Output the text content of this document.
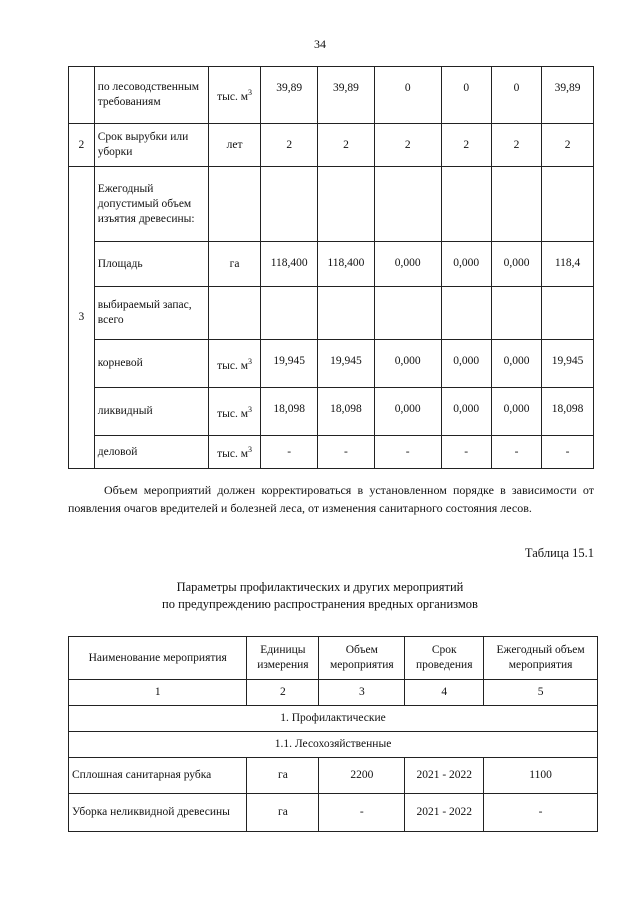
34
	по лесоводственным требованиям	тыс. $м^3$	39,89	39,89	0	0	0	39,89
2	Срок вырубки или уборки	лет	2	2	2	2	2	2
3	Ежегодный допустимый объем изъятия древесины:							
	Площадь	га	118,400	118,400	0,000	0,000	0,000	118,4
	выбираемый запас, всего							
	корневой	тыс. $м^3$	19,945	19,945	0,000	0,000	0,000	19,945
	ликвидный	тыс. $м^3$	18,098	18,098	0,000	0,000	0,000	18,098
	деловой	тыс. $м^3$	-	-	-	-	-	-
Объем мероприятий должен корректироваться в установленном порядке в зависимости от появления очагов вредителей и болезней леса, от изменения санитарного состояния лесов.
Таблица 15.1
Параметры профилактических и других мероприятий
по предупреждению распространения вредных организмов
Наименование мероприятия	Единицы измерения	Объем мероприятия	Срок проведения	Ежегодный объем мероприятия
1	2	3	4	5
1. Профилактические				
1.1. Лесохозяйственные				
Сплошная санитарная рубка	га	2200	2021 - 2022	1100
Уборка неликвидной древесины	га	-	2021 - 2022	-
